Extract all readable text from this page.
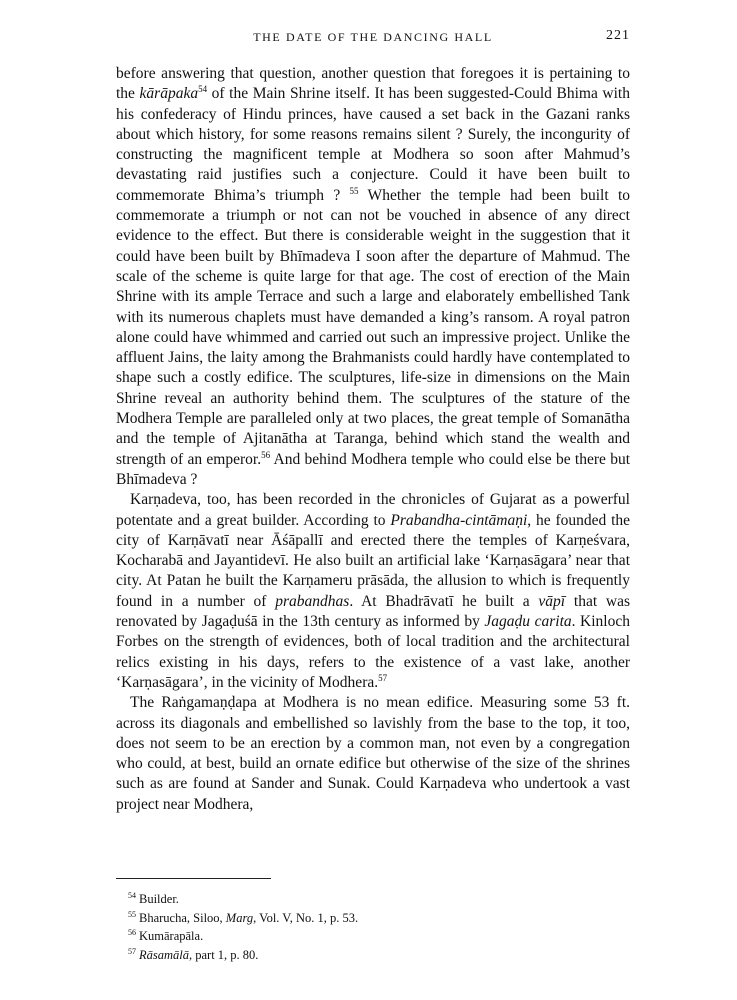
THE DATE OF THE DANCING HALL	221

before answering that question, another question that foregoes it is pertaining to the kārāpaka$^{54}$ of the Main Shrine itself. It has been suggested-Could Bhima with his confederacy of Hindu princes, have caused a set back in the Gazani ranks about which history, for some reasons remains silent ? Surely, the incongurity of constructing the magnificent temple at Modhera so soon after Mahmud’s devastating raid justifies such a conjecture. Could it have been built to commemorate Bhima’s triumph ? $^{55}$ Whether the temple had been built to commemorate a triumph or not can not be vouched in absence of any direct evidence to the effect. But there is considerable weight in the suggestion that it could have been built by Bhīmadeva I soon after the departure of Mahmud. The scale of the scheme is quite large for that age. The cost of erection of the Main Shrine with its ample Terrace and such a large and elaborately embellished Tank with its numerous chaplets must have demanded a king’s ransom. A royal patron alone could have whimmed and carried out such an impressive project. Unlike the affluent Jains, the laity among the Brahmanists could hardly have contemplated to shape such a costly edifice. The sculptures, life-size in dimensions on the Main Shrine reveal an authority behind them. The sculptures of the stature of the Modhera Temple are paralleled only at two places, the great temple of Somanātha and the temple of Ajitanātha at Taranga, behind which stand the wealth and strength of an emperor.$^{56}$ And behind Modhera temple who could else be there but Bhīmadeva ?

Karṇadeva, too, has been recorded in the chronicles of Gujarat as a powerful potentate and a great builder. According to Prabandha-cintāmaṇi, he founded the city of Karṇāvatī near Āśāpallī and erected there the temples of Karṇeśvara, Kocharabā and Jayantidevī. He also built an artificial lake ‘Karṇasāgara’ near that city. At Patan he built the Karṇameru prāsāda, the allusion to which is frequently found in a number of prabandhas. At Bhadrāvatī he built a vāpī that was renovated by Jagaḍuśā in the 13th century as informed by Jagaḍu carita. Kinloch Forbes on the strength of evidences, both of local tradition and the architectural relics existing in his days, refers to the existence of a vast lake, another ‘Karṇasāgara’, in the vicinity of Modhera.$^{57}$

The Raṅgamaṇḍapa at Modhera is no mean edifice. Measuring some 53 ft. across its diagonals and embellished so lavishly from the base to the top, it too, does not seem to be an erection by a common man, not even by a congregation who could, at best, build an ornate edifice but otherwise of the size of the shrines such as are found at Sander and Sunak. Could Karṇadeva who undertook a vast project near Modhera,

$^{54}$ Builder.
$^{55}$ Bharucha, Siloo, Marg, Vol. V, No. 1, p. 53.
$^{56}$ Kumārapāla.
$^{57}$ Rāsamālā, part 1, p. 80.
